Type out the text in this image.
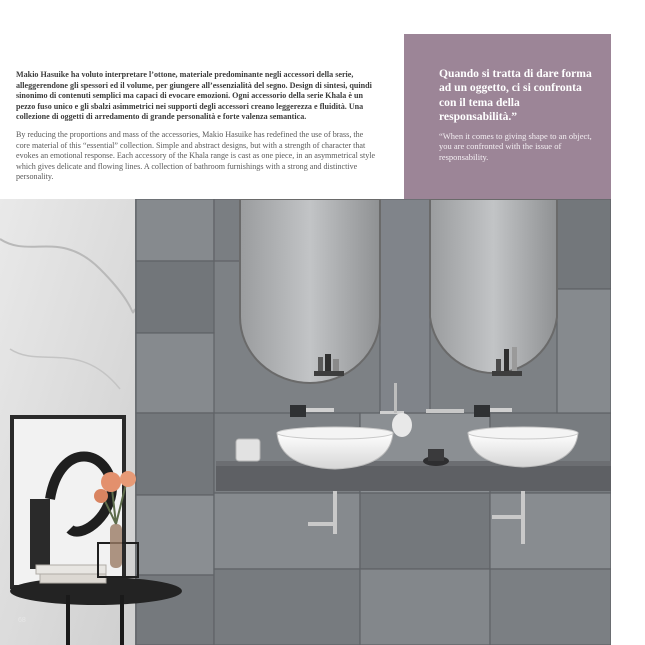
Makio Hasuike ha voluto interpretare l’ottone, materiale predominante negli accessori della serie, alleggerendone gli spessori ed il volume, per giungere all’essenzialità del segno. Design di sintesi, quindi sinonimo di contenuti semplici ma capaci di evocare emozioni. Ogni accessorio della serie Khala è un pezzo fuso unico e gli sbalzi asimmetrici nei supporti degli accessori creano leggerezza e fluidità. Una collezione di oggetti di arredamento di grande personalità e forte valenza semantica.

By reducing the proportions and mass of the accessories, Makio Hasuike has redefined the use of brass, the core material of this “essential” collection. Simple and abstract designs, but with a strength of character that evokes an emotional response. Each accessory of the Khala range is cast as one piece, in an asymmetrical style which gives delicate and flowing lines. A collection of bathroom furnishings with a strong and distinctive personality.

Quando si tratta di dare forma ad un oggetto, ci si confronta con il tema della responsabilità.”

“When it comes to giving shape to an object, you are confronted with the issue of responsability.

68
